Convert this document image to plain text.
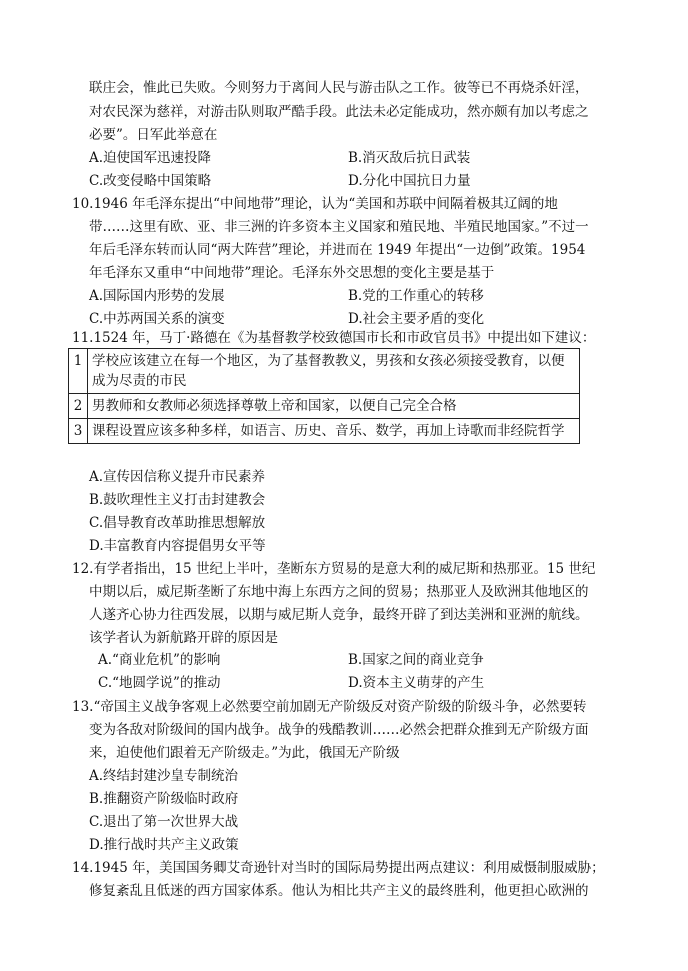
联庄会，惟此已失败。今则努力于离间人民与游击队之工作。彼等已不再烧杀奸淫，
对农民深为慈祥，对游击队则取严酷手段。此法未必定能成功，然亦颇有加以考虑之
必要”。日军此举意在
A.迫使国军迅速投降	B.消灭敌后抗日武装
C.改变侵略中国策略	D.分化中国抗日力量
10.1946 年毛泽东提出“中间地带”理论，认为“美国和苏联中间隔着极其辽阔的地
带……这里有欧、亚、非三洲的许多资本主义国家和殖民地、半殖民地国家。”不过一
年后毛泽东转而认同“两大阵营”理论，并进而在 1949 年提出“一边倒”政策。1954
年毛泽东又重申“中间地带”理论。毛泽东外交思想的变化主要是基于
A.国际国内形势的发展	B.党的工作重心的转移
C.中苏两国关系的演变	D.社会主要矛盾的变化
11.1524 年，马丁·路德在《为基督教学校致德国市长和市政官员书》中提出如下建议：
1	学校应该建立在每一个地区，为了基督教教义，男孩和女孩必须接受教育，以便成为尽责的市民
2	男教师和女教师必须选择尊敬上帝和国家，以便自己完全合格
3	课程设置应该多种多样，如语言、历史、音乐、数学，再加上诗歌而非经院哲学
A.宣传因信称义提升市民素养
B.鼓吹理性主义打击封建教会
C.倡导教育改革助推思想解放
D.丰富教育内容提倡男女平等
12.有学者指出，15 世纪上半叶，垄断东方贸易的是意大利的威尼斯和热那亚。15 世纪
中期以后，威尼斯垄断了东地中海上东西方之间的贸易；热那亚人及欧洲其他地区的
人遂齐心协力往西发展，以期与威尼斯人竞争，最终开辟了到达美洲和亚洲的航线。
该学者认为新航路开辟的原因是
A.“商业危机”的影响	B.国家之间的商业竞争
C.“地圆学说”的推动	D.资本主义萌芽的产生
13.“帝国主义战争客观上必然要空前加剧无产阶级反对资产阶级的阶级斗争，必然要转
变为各敌对阶级间的国内战争。战争的残酷教训……必然会把群众推到无产阶级方面
来，迫使他们跟着无产阶级走。”为此，俄国无产阶级
A.终结封建沙皇专制统治
B.推翻资产阶级临时政府
C.退出了第一次世界大战
D.推行战时共产主义政策
14.1945 年，美国国务卿艾奇逊针对当时的国际局势提出两点建议：利用威慑制服威胁；
修复紊乱且低迷的西方国家体系。他认为相比共产主义的最终胜利，他更担心欧洲的
